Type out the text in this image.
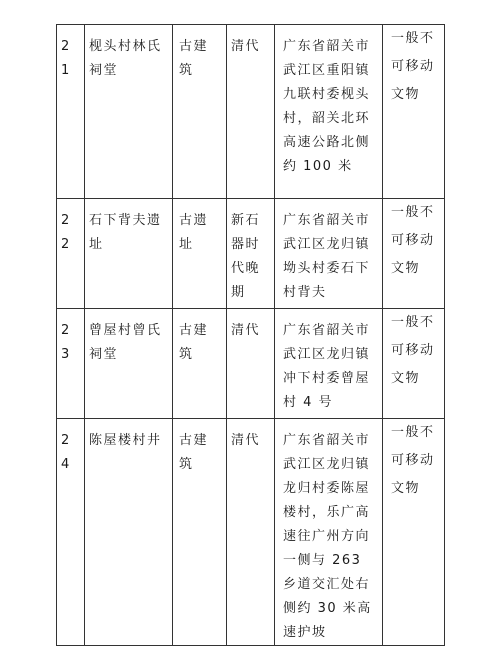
21	枧头村林氏祠堂	古建筑	清代	广东省韶关市武江区重阳镇九联村委枧头村，韶关北环高速公路北侧约 100 米	一般不可移动文物

22	石下背夫遗址	古遗址	新石器时代晚期	广东省韶关市武江区龙归镇坳头村委石下村背夫	一般不可移动文物

23	曾屋村曾氏祠堂	古建筑	清代	广东省韶关市武江区龙归镇冲下村委曾屋村 4 号	一般不可移动文物

24	陈屋楼村井	古建筑	清代	广东省韶关市武江区龙归镇龙归村委陈屋楼村，乐广高速往广州方向一侧与 263 乡道交汇处右侧约 30 米高速护坡	一般不可移动文物
